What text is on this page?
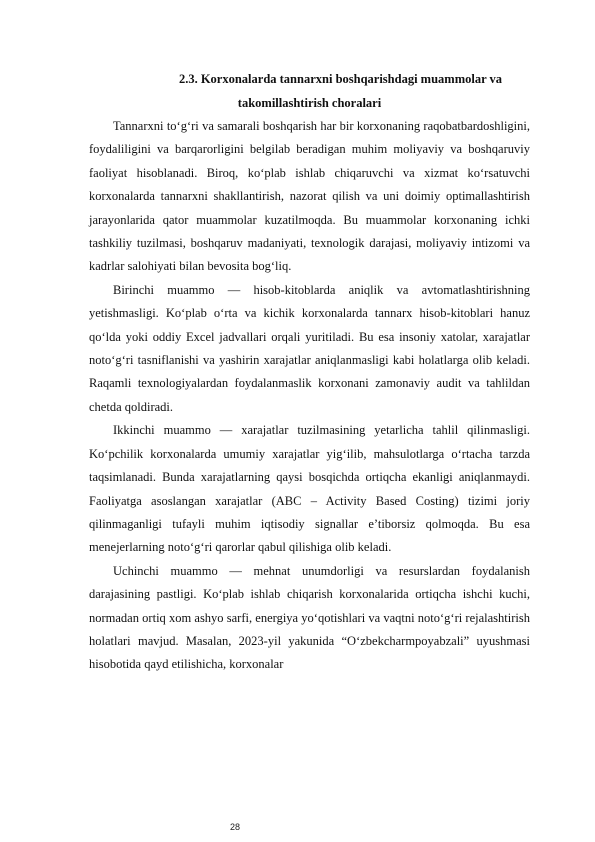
2.3. Korxonalarda tannarxni boshqarishdagi muammolar va
takomillashtirish choralari

Tannarxni to‘g‘ri va samarali boshqarish har bir korxonaning raqobatbardoshligini, foydaliligini va barqarorligini belgilab beradigan muhim moliyaviy va boshqaruviy faoliyat hisoblanadi. Biroq, ko‘plab ishlab chiqaruvchi va xizmat ko‘rsatuvchi korxonalarda tannarxni shakllantirish, nazorat qilish va uni doimiy optimallashtirish jarayonlarida qator muammolar kuzatilmoqda. Bu muammolar korxonaning ichki tashkiliy tuzilmasi, boshqaruv madaniyati, texnologik darajasi, moliyaviy intizomi va kadrlar salohiyati bilan bevosita bog‘liq.

Birinchi muammo — hisob-kitoblarda aniqlik va avtomatlashtirishning yetishmasligi. Ko‘plab o‘rta va kichik korxonalarda tannarx hisob-kitoblari hanuz qo‘lda yoki oddiy Excel jadvallari orqali yuritiladi. Bu esa insoniy xatolar, xarajatlar noto‘g‘ri tasniflanishi va yashirin xarajatlar aniqlanmasligi kabi holatlarga olib keladi. Raqamli texnologiyalardan foydalanmaslik korxonani zamonaviy audit va tahlildan chetda qoldiradi.

Ikkinchi muammo — xarajatlar tuzilmasining yetarlicha tahlil qilinmasligi. Ko‘pchilik korxonalarda umumiy xarajatlar yig‘ilib, mahsulotlarga o‘rtacha tarzda taqsimlanadi. Bunda xarajatlarning qaysi bosqichda ortiqcha ekanligi aniqlanmaydi. Faoliyatga asoslangan xarajatlar (ABC – Activity Based Costing) tizimi joriy qilinmaganligi tufayli muhim iqtisodiy signallar e’tiborsiz qolmoqda. Bu esa menejerlarning noto‘g‘ri qarorlar qabul qilishiga olib keladi.

Uchinchi muammo — mehnat unumdorligi va resurslardan foydalanish darajasining pastligi. Ko‘plab ishlab chiqarish korxonalarida ortiqcha ishchi kuchi, normadan ortiq xom ashyo sarfi, energiya yo‘qotishlari va vaqtni noto‘g‘ri rejalashtirish holatlari mavjud. Masalan, 2023-yil yakunida “O‘zbekcharmpoyabzali” uyushmasi hisobotida qayd etilishicha, korxonalar

28
